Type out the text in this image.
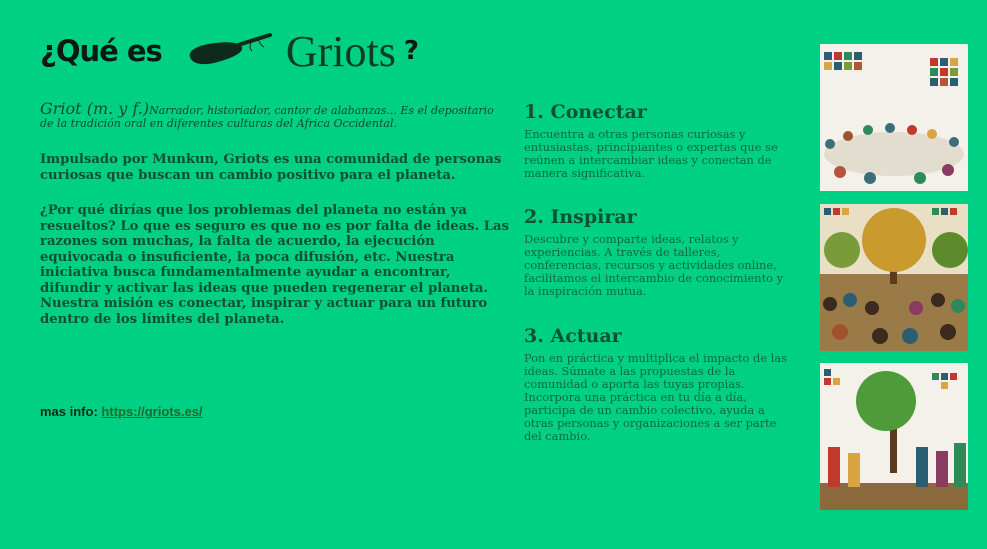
¿Qué es	Griots ?
Griot (m. y f.)Narrador, historiador, cantor de alabanzas... Es el depositario de la tradición oral en diferentes culturas del África Occidental.
Impulsado por Munkun, Griots es una comunidad de personas curiosas que buscan un cambio positivo para el planeta.
¿Por qué dirías que los problemas del planeta no están ya resueltos? Lo que es seguro es que no es por falta de ideas. Las razones son muchas, la falta de acuerdo, la ejecución equivocada o insuficiente, la poca difusión, etc. Nuestra iniciativa busca fundamentalmente ayudar a encontrar, difundir y activar las ideas que pueden regenerar el planeta. Nuestra misión es conectar, inspirar y actuar para un futuro dentro de los límites del planeta.
mas info: https://griots.es/
1. Conectar

Encuentra a otras personas curiosas y entusiastas, principiantes o expertas que se reúnen a intercambiar ideas y conectan de manera significativa.

2. Inspirar

Descubre y comparte ideas, relatos y experiencias. A través de talleres, conferencias, recursos y actividades online, facilitamos el intercambio de conocimiento y la inspiración mutua.

3. Actuar

Pon en práctica y multiplica el impacto de las ideas. Súmate a las propuestas de la comunidad o aporta las tuyas propias. Incorpora una práctica en tu día a día, participa de un cambio colectivo, ayuda a otras personas y organizaciones a ser parte del cambio.
